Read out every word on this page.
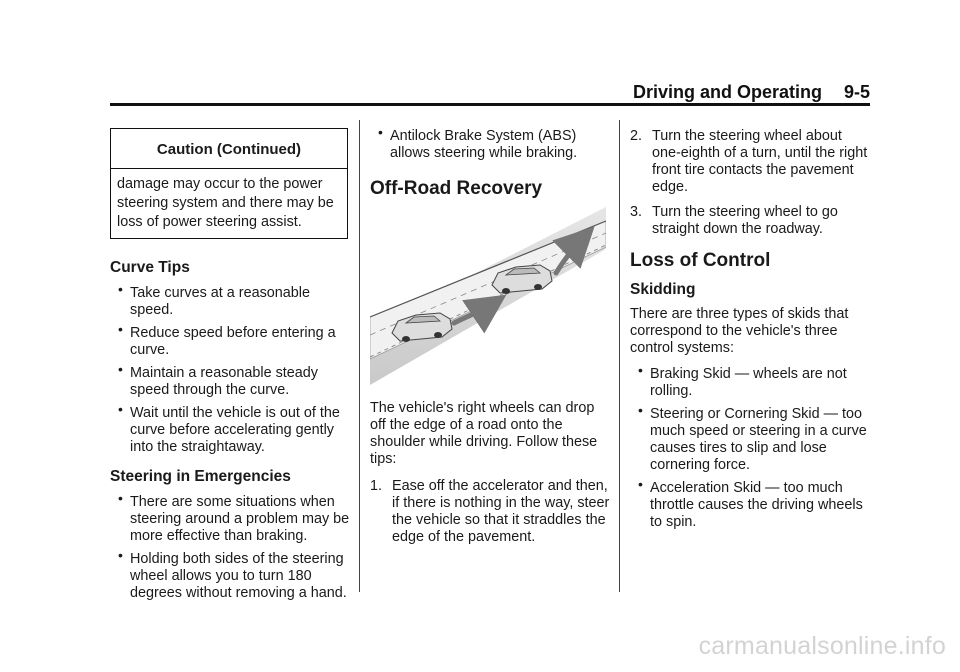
Driving and Operating 9-5
Caution (Continued)
damage may occur to the power steering system and there may be loss of power steering assist.
Curve Tips
• Take curves at a reasonable speed.
• Reduce speed before entering a curve.
• Maintain a reasonable steady speed through the curve.
• Wait until the vehicle is out of the curve before accelerating gently into the straightaway.
Steering in Emergencies
• There are some situations when steering around a problem may be more effective than braking.
• Holding both sides of the steering wheel allows you to turn 180 degrees without removing a hand.
• Antilock Brake System (ABS) allows steering while braking.
Off-Road Recovery

The vehicle's right wheels can drop off the edge of a road onto the shoulder while driving. Follow these tips:

1. Ease off the accelerator and then, if there is nothing in the way, steer the vehicle so that it straddles the edge of the pavement.
2. Turn the steering wheel about one-eighth of a turn, until the right front tire contacts the pavement edge.
3. Turn the steering wheel to go straight down the roadway.
Loss of Control
Skidding

There are three types of skids that correspond to the vehicle's three control systems:

• Braking Skid — wheels are not rolling.
• Steering or Cornering Skid — too much speed or steering in a curve causes tires to slip and lose cornering force.
• Acceleration Skid — too much throttle causes the driving wheels to spin.
carmanualsonline.info
